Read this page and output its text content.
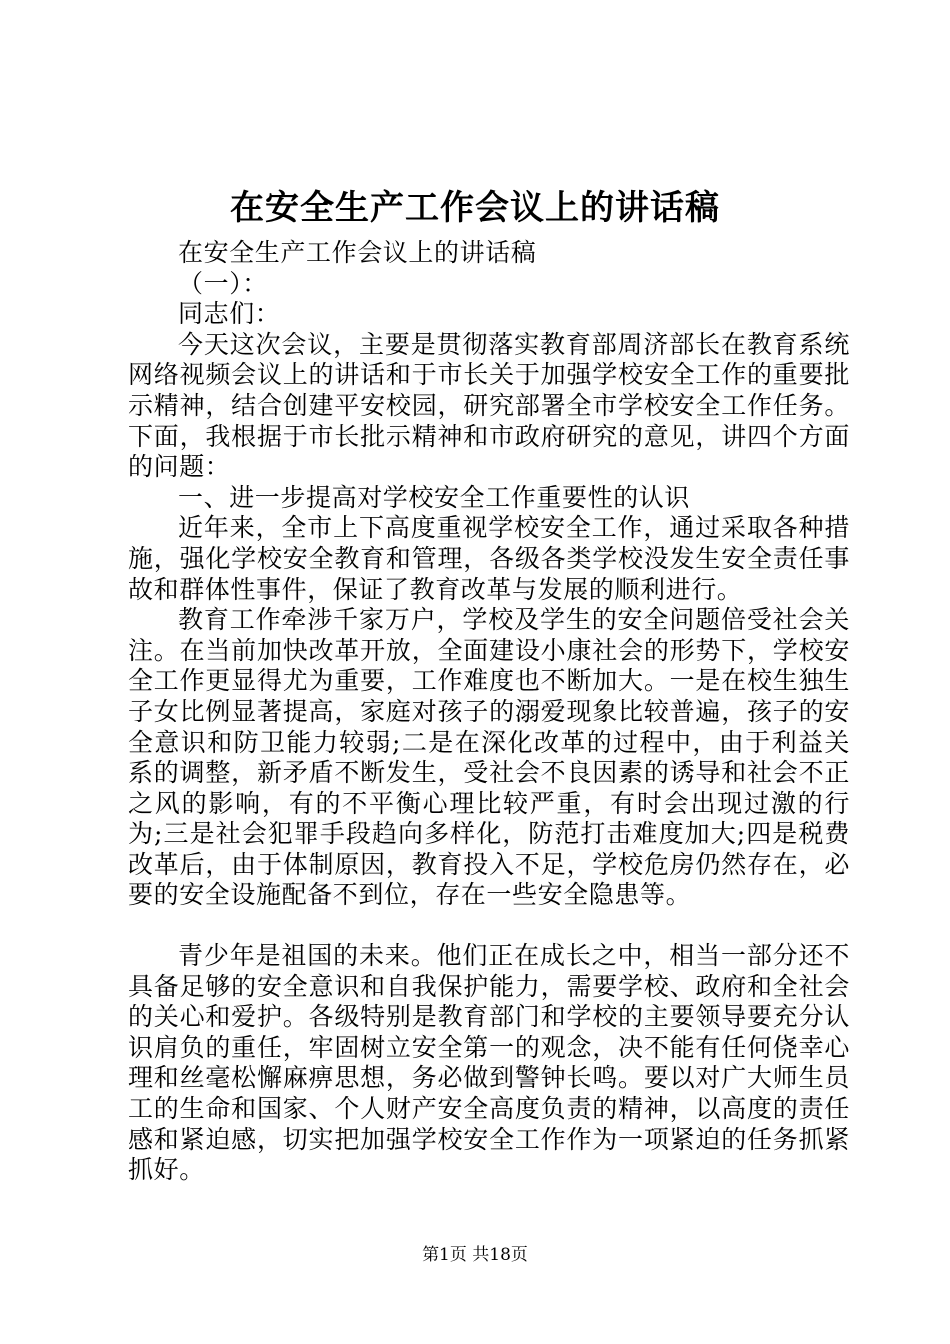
在安全生产工作会议上的讲话稿

在安全生产工作会议上的讲话稿

（一）：

同志们：

今天这次会议，主要是贯彻落实教育部周济部长在教育系统网络视频会议上的讲话和于市长关于加强学校安全工作的重要批示精神，结合创建平安校园，研究部署全市学校安全工作任务。下面，我根据于市长批示精神和市政府研究的意见，讲四个方面的问题：

一、进一步提高对学校安全工作重要性的认识

近年来，全市上下高度重视学校安全工作，通过采取各种措施，强化学校安全教育和管理，各级各类学校没发生安全责任事故和群体性事件，保证了教育改革与发展的顺利进行。

教育工作牵涉千家万户，学校及学生的安全问题倍受社会关注。在当前加快改革开放，全面建设小康社会的形势下，学校安全工作更显得尤为重要，工作难度也不断加大。一是在校生独生子女比例显著提高，家庭对孩子的溺爱现象比较普遍，孩子的安全意识和防卫能力较弱;二是在深化改革的过程中，由于利益关系的调整，新矛盾不断发生，受社会不良因素的诱导和社会不正之风的影响，有的不平衡心理比较严重，有时会出现过激的行为;三是社会犯罪手段趋向多样化，防范打击难度加大;四是税费改革后，由于体制原因，教育投入不足，学校危房仍然存在，必要的安全设施配备不到位，存在一些安全隐患等。

青少年是祖国的未来。他们正在成长之中，相当一部分还不具备足够的安全意识和自我保护能力，需要学校、政府和全社会的关心和爱护。各级特别是教育部门和学校的主要领导要充分认识肩负的重任，牢固树立安全第一的观念，决不能有任何侥幸心理和丝毫松懈麻痹思想，务必做到警钟长鸣。要以对广大师生员工的生命和国家、个人财产安全高度负责的精神，以高度的责任感和紧迫感，切实把加强学校安全工作作为一项紧迫的任务抓紧抓好。

第1页 共18页
